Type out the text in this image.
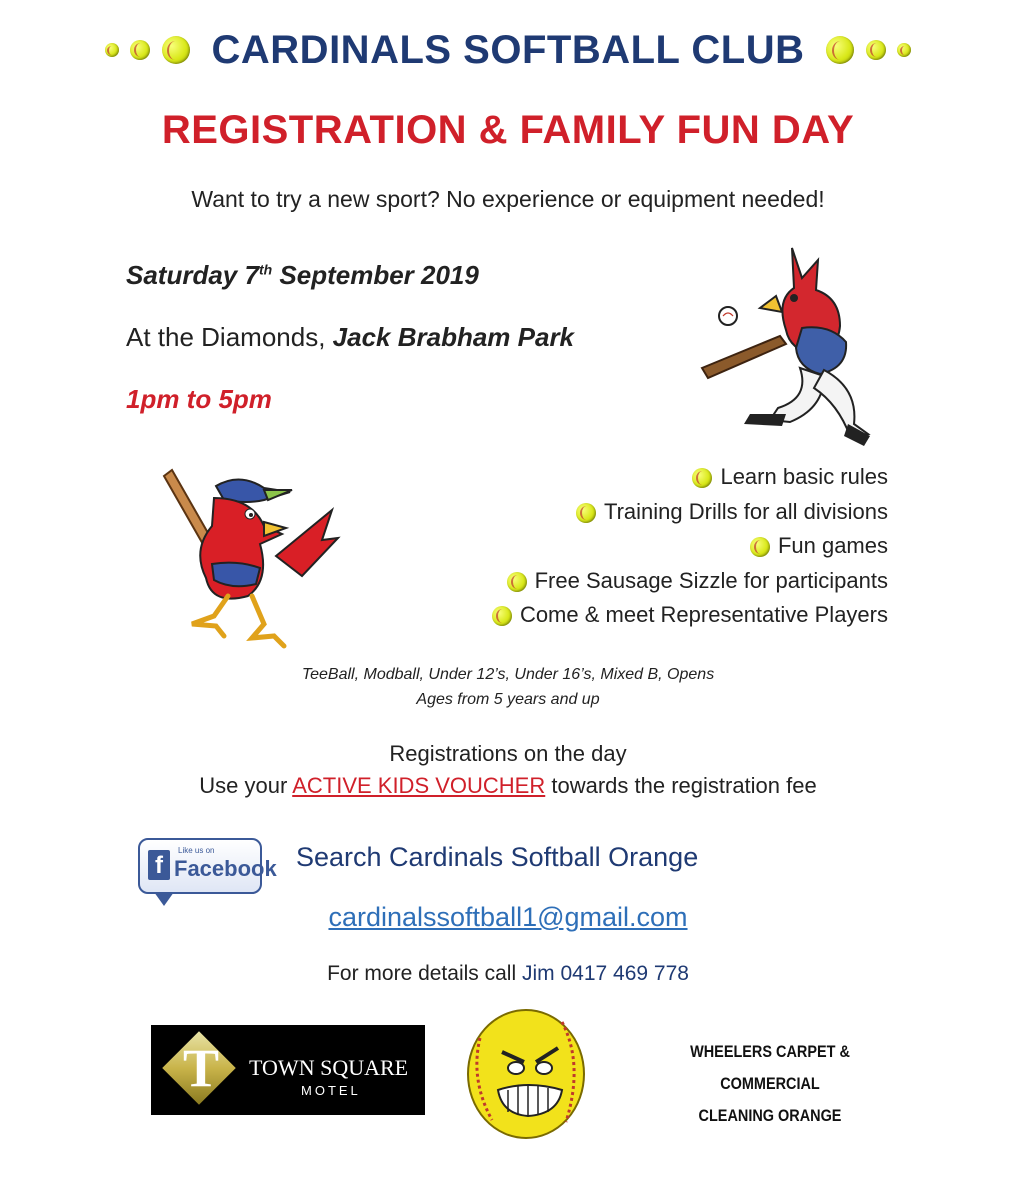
CARDINALS SOFTBALL CLUB
REGISTRATION & FAMILY FUN DAY
Want to try a new sport? No experience or equipment needed!
Saturday 7th September 2019
At the Diamonds, Jack Brabham Park
1pm to 5pm
Learn basic rules
Training Drills for all divisions
Fun games
Free Sausage Sizzle for participants
Come & meet Representative Players
TeeBall, Modball, Under 12’s, Under 16’s, Mixed B, Opens
Ages from 5 years and up
Registrations on the day
Use your ACTIVE KIDS VOUCHER towards the registration fee
f
Like us on
Facebook Search Cardinals Softball Orange
cardinalssoftball1@gmail.com
For more details call Jim 0417 469 778
T TOWN SQUARE
MOTEL
WHEELERS CARPET & COMMERCIAL
CLEANING ORANGE
